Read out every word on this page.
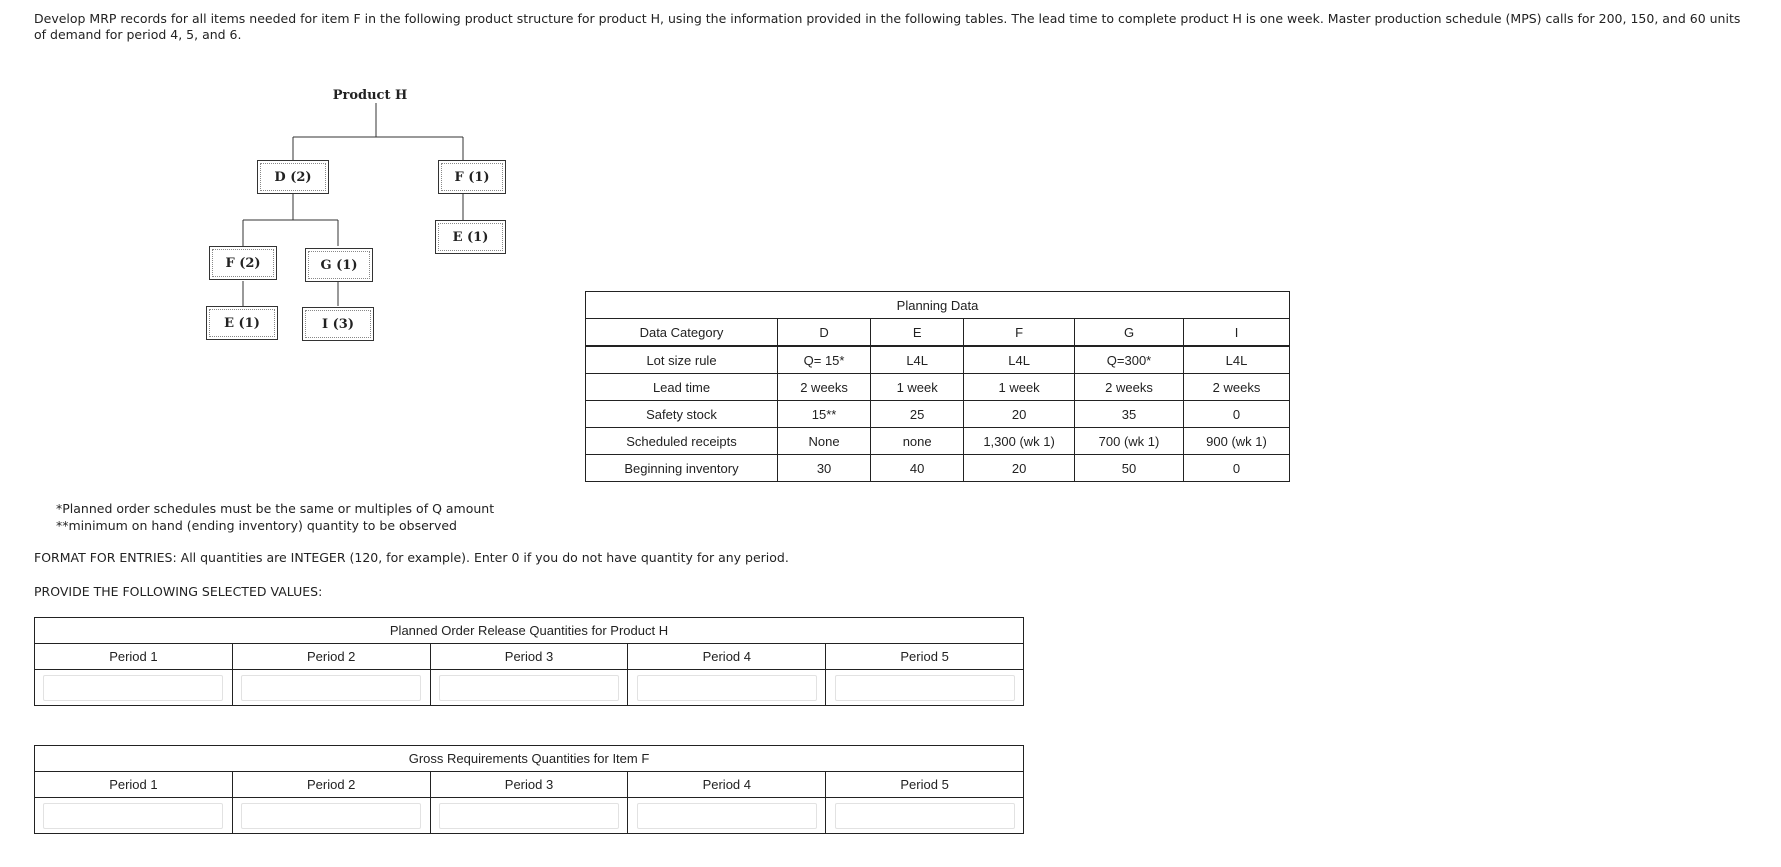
Develop MRP records for all items needed for item F in the following product structure for product H, using the information provided in the following tables. The lead time to complete product H is one week. Master production schedule (MPS) calls for 200, 150, and 60 units of demand for period 4, 5, and 6.
Product H
D (2)	F (1)
E (1)
F (2)	G (1)
E (1)	I (3)
Planning Data					
Data Category	D	E	F	G	I
Lot size rule	Q= 15*	L4L	L4L	Q=300*	L4L
Lead time	2 weeks	1 week	1 week	2 weeks	2 weeks
Safety stock	15**	25	20	35	0
Scheduled receipts	None	none	1,300 (wk 1)	700 (wk 1)	900 (wk 1)
Beginning inventory	30	40	20	50	0
*Planned order schedules must be the same or multiples of Q amount
**minimum on hand (ending inventory) quantity to be observed
FORMAT FOR ENTRIES: All quantities are INTEGER (120, for example). Enter 0 if you do not have quantity for any period.
PROVIDE THE FOLLOWING SELECTED VALUES:
Planned Order Release Quantities for Product H				
Period 1	Period 2	Period 3	Period 4	Period 5

Gross Requirements Quantities for Item F				
Period 1	Period 2	Period 3	Period 4	Period 5
